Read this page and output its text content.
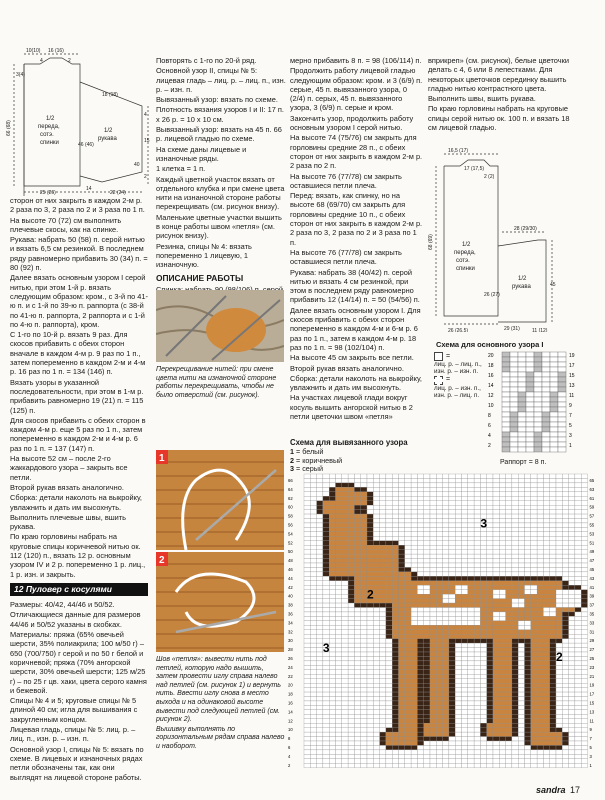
1/2
передa,
сотэ.
спинки
1/2
рукава
10(10) 16 (16)
4	2
66 (68)
3(4)
18 (18)
46 (46)
25 (26)
14
22 (24)
4
15
40
2

сторон от них закрыть в каждом 2-м р. 2 раза по 3, 2 раза по 2 и 3 раза по 1 п.

На высоте 70 (72) см выполнить плечевые скосы, как на спинке.

Рукава: набрать 50 (58) п. серой нитью и вязать 6,5 см резинкой. В последнем ряду равномерно прибавить 30 (34) п. = 80 (92) п.

Далее вязать основным узором I серой нитью, при этом 1-й р. вязать следующим образом: кром., с 3-й по 41-ю п. и с 1-й по 39-ю п. раппорта (с 38-й по 41-ю п. раппорта, 2 раппорта и с 1-й по 4-ю п. раппорта), кром.

С 1-го по 10-й р. вязать 9 раз. Для скосов прибавить с обеих сторон вначале в каждом 4-м р. 9 раз по 1 п., затем попеременно в каждом 2-м и 4-м р. 16 раз по 1 п. = 134 (146) п.

Вязать узоры в указанной последовательности, при этом в 1-м р. прибавить равномерно 19 (21) п. = 115 (125) п.

Для скосов прибавить с обеих сторон в каждом 4-м р. еще 5 раз по 1 п., затем попеременно в каждом 2-м и 4-м р. 6 раз по 1 п. = 137 (147) п.

На высоте 52 см – после 2-го жаккардового узора – закрыть все петли.

Второй рукав вязать аналогично.

Сборка: детали наколоть на выкройку, увлажнить и дать им высохнуть.

Выполнить плечевые швы, вшить рукава.

По краю горловины набрать на круговые спицы коричневой нитью ок. 112 (120) п., вязать 12 р. основным узором IV и 2 р. попеременно 1 р. лиц., 1 р. изн. и закрыть.

12 Пуловер с косулями

Размеры: 40/42, 44/46 и 50/52.

Отличающиеся данные для размеров 44/46 и 50/52 указаны в скобках.

Материалы: пряжа (65% овечьей шерсти, 35% полиакрила; 100 м/50 г) – 650 (700/750) г серой и по 50 г белой и коричневой; пряжа (70% ангорской шерсти, 30% овечьей шерсти; 125 м/25 г) – по 25 г цв. хаки, цвета серого камня и бежевой.

Спицы № 4 и 5; круговые спицы № 5 длиной 40 см; игла для вышивания с закругленным концом.

Лицевая гладь, спицы № 5: лиц. р. – лиц. п., изн. р. – изн. п.

Основной узор I, спицы № 5: вязать по схеме. В лицевых и изнаночных рядах петли обозначены так, как они выглядят на лицевой стороне работы.

Повторять с 1-го по 20-й ряд.

Основной узор II, спицы № 5: лицевая гладь – лиц. р. – лиц. п., изн. р. – изн. п.

Вывязанный узор: вязать по схеме.

Плотность вязания узоров I и II: 17 п. х 26 р. = 10 х 10 см.

Вывязанный узор: вязать на 45 п. 66 р. лицевой гладью по схеме.

На схеме даны лицевые и изнаночные ряды.

1 клетка = 1 п.

Каждый цветной участок вязать от отдельного клубка и при смене цвета нити на изнаночной стороне работы перекрещивать (см. рисунок внизу).

Маленькие цветные участки вышить в конце работы швом «петля» (см. рисунок внизу).

Резинка, спицы № 4: вязать попеременно 1 лицевую, 1 изнаночную.

ОПИСАНИЕ РАБОТЫ

Перекрещивание нитей: при смене цвета нити на изнаночной стороне работы перекрещивать, чтобы не было отверстий (см. рисунок).

1
2

Шов «петля»: вывести нить под петлей, которую надо вышить, затем провести иглу справа налево над петлей (см. рисунок 1) и вернуть нить. Ввести иглу снова в место выхода и на одинаковой высоте вывести под следующей петлей (см. рисунок 2).

Вышивку выполнять по горизонтальным рядам справа налево и наоборот.

мерно прибавить 8 п. = 98 (106/114) п.

Продолжить работу лицевой гладью следующим образом: кром. и 3 (6/9) п. серые, 45 п. вывязанного узора, 0 (2/4) п. серых, 45 п. вывязанного узора, 3 (6/9) п. серые и кром.

Закончить узор, продолжить работу основным узором I серой нитью.

На высоте 74 (75/76) см закрыть для горловины средние 28 п., с обеих сторон от них закрыть в каждом 2-м р. 2 раза по 2 п.

На высоте 76 (77/78) см закрыть оставшиеся петли плеча.

Перед: вязать, как спинку, но на высоте 68 (69/70) см закрыть для горловины средние 10 п., с обеих сторон от них закрыть в каждом 2-м р. 2 раза по 3, 2 раза по 2 и 3 раза по 1 п.

На высоте 76 (77/78) см закрыть оставшиеся петли плеча.

Рукава: набрать 38 (40/42) п. серой нитью и вязать 4 см резинкой, при этом в последнем ряду равномерно прибавить 12 (14/14) п. = 50 (54/56) п.

Далее вязать основным узором I. Для скосов прибавить с обеих сторон попеременно в каждом 4-м и 6-м р. 6 раз по 1 п., затем в каждом 4-м р. 18 раз по 1 п. = 98 (102/104) п.

На высоте 45 см закрыть все петли.

Второй рукав вязать аналогично.

Сборка: детали наколоть на выкройку, увлажнить и дать им высохнуть.

На участках лицевой глади вокруг косуль вышить ангорской нитью в 2 петли цветочки швом «петля»

вприкреп» (см. рисунок), белые цветочки делать с 4, 6 или 8 лепестками. Для некоторых цветочков серединку вышить гладью нитью контрастного цвета.

Выполнить швы, вшить рукава.

По краю горловины набрать на круговые спицы серой нитью ок. 100 п. и вязать 18 см лицевой гладью.

1/2
передa,
сотэ.
спинки
1/2
рукава
16,5 (17)
17 (17,5)
68 (69)
2 (2)
26 (27)
45
26 (26,5)	29 (31) 11 (12)
28 (29/30)
Схема для основного узора I
=
лиц. р. – лиц. п.,
изн. р. – изн. п.
=
лиц. р. – изн. п.,
изн. р. – лиц. п.
19
17
15
13
11
9
7
5
3
1
20
18
16
14
12
10
8
6
4
2
Раппорт = 8 п.
Схема для вывязанного узора
1 = белый
2 = коричневый
3 = серый
66
64
62
60
58
56
54
52
50
48
46
44
42
40
38
36
34
32
30
28
26
24
22
20
18
16
14
12
10
8
6
4
2
65
63
61
59
57
55
53
51
49
47
45
43
41
39
37
35
33
31
29
27
25
23
21
19
17
15
13
11
9
7
5
3
1
3
2
3
2
sandra 17
